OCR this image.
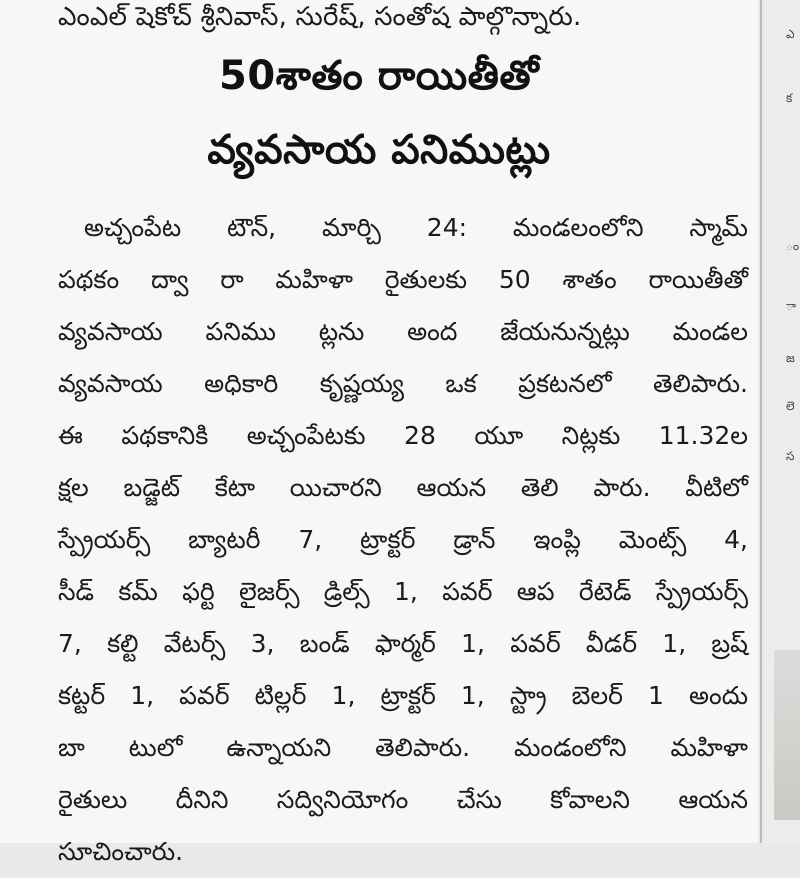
ఎంఎల్ షెకోచ్ శ్రీనివాస్, సురేష్, సంతోష పాల్గొన్నారు.
50శాతం రాయితీతో
వ్యవసాయ పనిముట్లు
అచ్చంపేట టౌన్, మార్చి 24: మండలంలోని స్మామ్
పథకం ద్వా రా మహిళా రైతులకు 50 శాతం రాయితీతో
వ్యవసాయ పనిము ట్లను అంద జేయనున్నట్లు మండల
వ్యవసాయ అధికారి కృష్ణయ్య ఒక ప్రకటనలో తెలిపారు.
ఈ పథకానికి అచ్చంపేటకు 28 యూ నిట్లకు 11.32ల
క్షల బడ్జెట్ కేటా యిచారని ఆయన తెలి పారు. వీటిలో
స్ప్రేయర్స్ బ్యాటరీ 7, ట్రాక్టర్ డ్రాన్ ఇంప్లి మెంట్స్ 4,
సీడ్ కమ్ ఫర్టి లైజర్స్ డ్రిల్స్ 1, పవర్ ఆప రేటెడ్ స్ప్రేయర్స్
7, కల్టి వేటర్స్ 3, బండ్ ఫార్మర్ 1, పవర్ వీడర్ 1, బ్రష్
కట్టర్ 1, పవర్ టిల్లర్ 1, ట్రాక్టర్ 1, స్ట్రా బెలర్ 1 అందు
బా టులో ఉన్నాయని తెలిపారు. మండంలోని మహిళా
రైతులు దీనిని సద్వినియోగం చేసు కోవాలని ఆయన
సూచించారు.
ఎ
క
ం
ా
జ
లె
స
